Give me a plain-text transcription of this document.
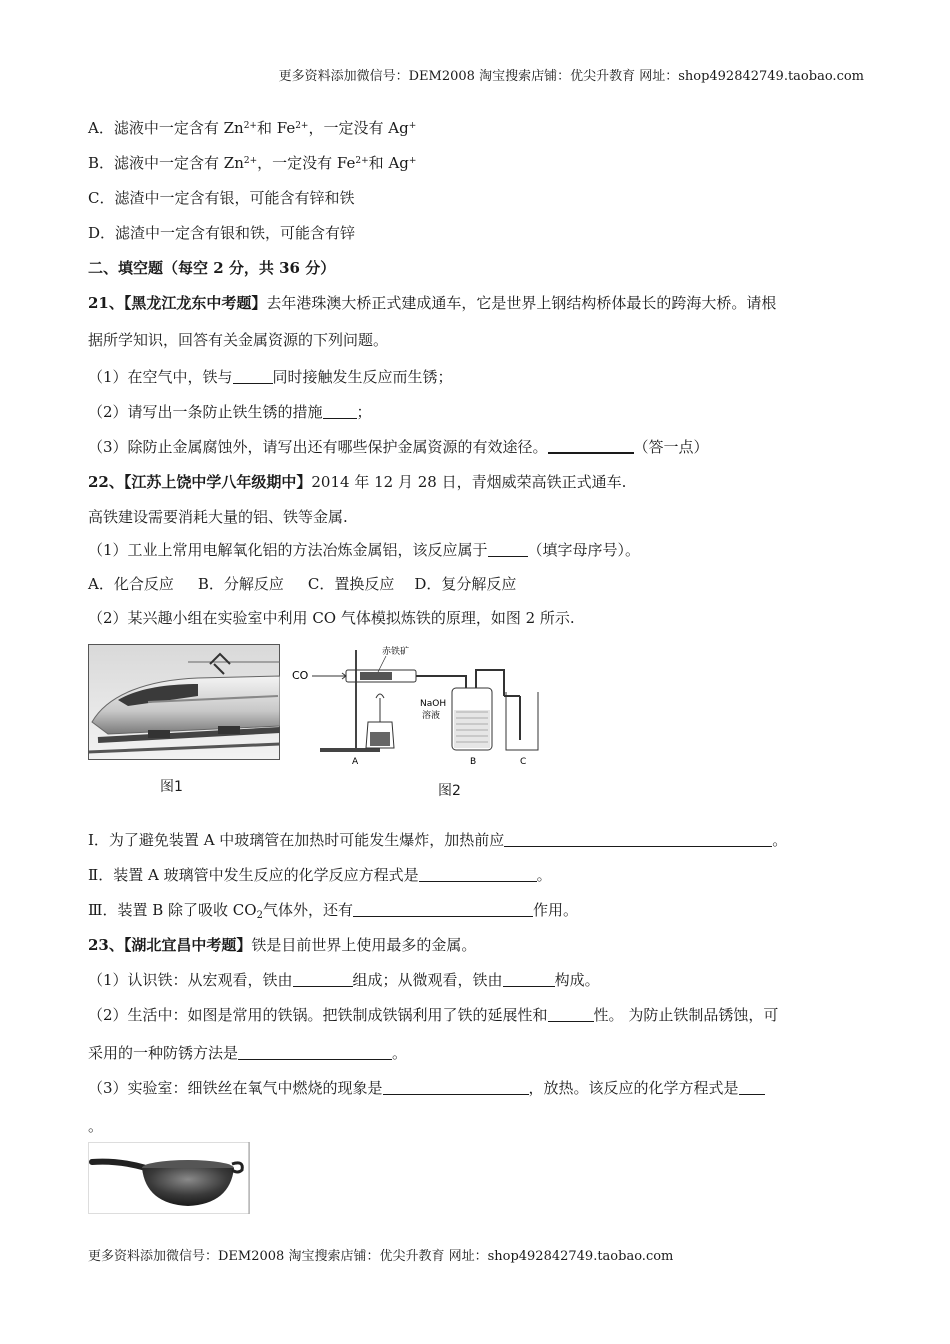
更多资料添加微信号：DEM2008 淘宝搜索店铺：优尖升教育 网址：shop492842749.taobao.com
A．滤液中一定含有 $Zn^{2+}$和 $Fe^{2+}$，一定没有 Ag+
B．滤液中一定含有 $Zn^{2+}$，一定没有 $Fe^{2+}$和 Ag+
C．滤渣中一定含有银，可能含有锌和铁
D．滤渣中一定含有银和铁，可能含有锌
二、填空题（每空 2 分，共 36 分）
21、【黑龙江龙东中考题】去年港珠澳大桥正式建成通车，它是世界上钢结构桥体最长的跨海大桥。请根
据所学知识，回答有关金属资源的下列问题。
（1）在空气中，铁与	同时接触发生反应而生锈；
（2）请写出一条防止铁生锈的措施 ；
（3）除防止金属腐蚀外，请写出还有哪些保护金属资源的有效途径。	（答一点）
22、【江苏上饶中学八年级期中】2014 年 12 月 28 日，青烟威荣高铁正式通车.
高铁建设需要消耗大量的铝、铁等金属.
（1）工业上常用电解氧化铝的方法冶炼金属铝，该反应属于	（填字母序号）。
A．化合反应 B．分解反应 C．置换反应 D．复分解反应
（2）某兴趣小组在实验室中利用 CO 气体模拟炼铁的原理，如图 2 所示.
CO
赤铁矿
NaOH
溶液
A	B	C
图1	图2
I．为了避免装置 A 中玻璃管在加热时可能发生爆炸，加热前应	。
Ⅱ．装置 A 玻璃管中发生反应的化学反应方程式是	。
Ⅲ．装置 B 除了吸收 $CO_2$气体外，还有	作用。
23、【湖北宜昌中考题】铁是目前世界上使用最多的金属。
（1）认识铁：从宏观看，铁由	组成；从微观看，铁由	构成。
（2）生活中：如图是常用的铁锅。把铁制成铁锅利用了铁的延展性和	性。 为防止铁制品锈蚀，可
采用的一种防锈方法是	。
（3）实验室：细铁丝在氧气中燃烧的现象是	，放热。该反应的化学方程式是
。
更多资料添加微信号：DEM2008 淘宝搜索店铺：优尖升教育 网址：shop492842749.taobao.com
